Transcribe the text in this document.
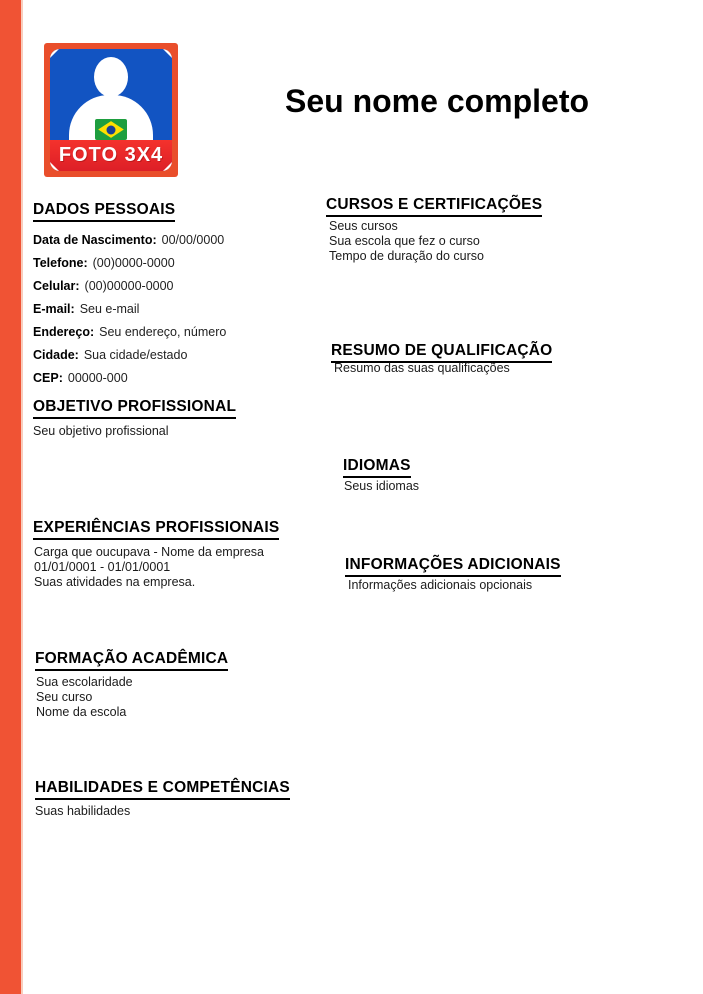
FOTO 3X4
Seu nome completo
DADOS PESSOAIS
Data de Nascimento: 00/00/0000
Telefone: (00)0000-0000
Celular: (00)00000-0000
E-mail: Seu e-mail
Endereço: Seu endereço, número
Cidade: Sua cidade/estado
CEP: 00000-000
OBJETIVO PROFISSIONAL
Seu objetivo profissional
EXPERIÊNCIAS PROFISSIONAIS
Carga que oucupava - Nome da empresa
01/01/0001 - 01/01/0001
Suas atividades na empresa.
FORMAÇÃO ACADÊMICA
Sua escolaridade
Seu curso
Nome da escola
HABILIDADES E COMPETÊNCIAS
Suas habilidades
CURSOS E CERTIFICAÇÕES
Seus cursos
Sua escola que fez o curso
Tempo de duração do curso
RESUMO DE QUALIFICAÇÃO
Resumo das suas qualificações
IDIOMAS
Seus idiomas
INFORMAÇÕES ADICIONAIS
Informações adicionais opcionais
